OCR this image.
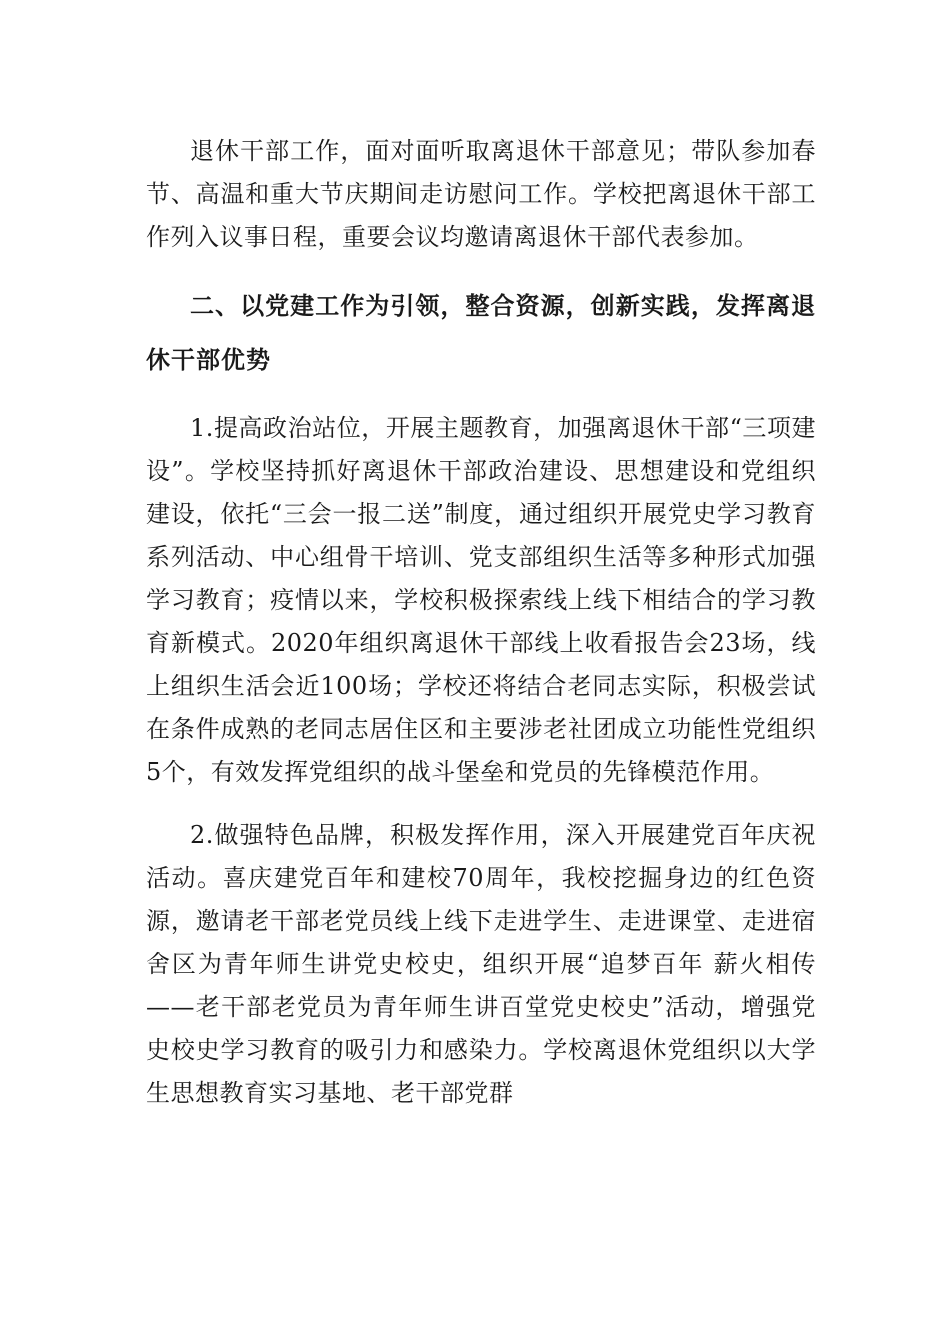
退休干部工作，面对面听取离退休干部意见；带队参加春节、高温和重大节庆期间走访慰问工作。学校把离退休干部工作列入议事日程，重要会议均邀请离退休干部代表参加。

二、以党建工作为引领，整合资源，创新实践，发挥离退休干部优势

1.提高政治站位，开展主题教育，加强离退休干部“三项建设”。学校坚持抓好离退休干部政治建设、思想建设和党组织建设，依托“三会一报二送”制度，通过组织开展党史学习教育系列活动、中心组骨干培训、党支部组织生活等多种形式加强学习教育；疫情以来，学校积极探索线上线下相结合的学习教育新模式。2020年组织离退休干部线上收看报告会23场，线上组织生活会近100场；学校还将结合老同志实际，积极尝试在条件成熟的老同志居住区和主要涉老社团成立功能性党组织5个，有效发挥党组织的战斗堡垒和党员的先锋模范作用。

2.做强特色品牌，积极发挥作用，深入开展建党百年庆祝活动。喜庆建党百年和建校70周年，我校挖掘身边的红色资源，邀请老干部老党员线上线下走进学生、走进课堂、走进宿舍区为青年师生讲党史校史，组织开展“追梦百年 薪火相传——老干部老党员为青年师生讲百堂党史校史”活动，增强党史校史学习教育的吸引力和感染力。学校离退休党组织以大学生思想教育实习基地、老干部党群
